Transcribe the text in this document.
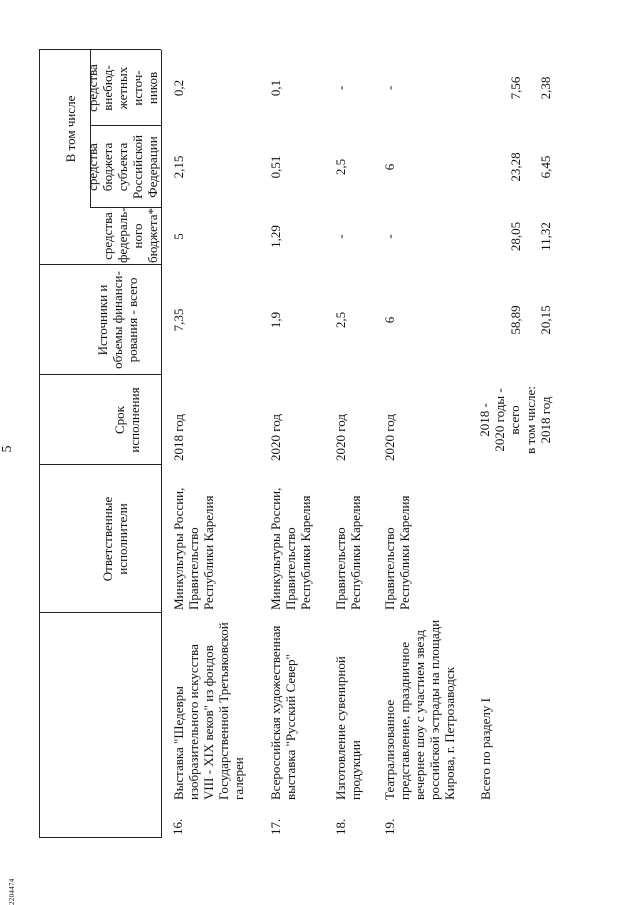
5
2204474
Ответственные
исполнители
Срок
исполнения
Источники и
объемы финанси-
рования - всего
В том числе
средства
федераль-
ного
бюджета*
средства
бюджета
субъекта
Российской
Федерации
средства
внебюд-
жетных
источ-
ников
16.
Выставка "Шедевры
изобразительного искусства
VIII - XIX веков" из фондов
Государственной Третьяковской
галереи
Минкультуры России,
Правительство
Республики Карелия
2018 год
7,35
5
2,15
0,2
17.
Минкультуры России,
Правительство
Республики Карелия
2020 год
1,9
1,29
0,51
0,1
18.
Правительство
Республики Карелия
2020 год
2,5
-
2,5
-
19.
Правительство
Республики Карелия
2020 год
6
-
6
-
Всего по разделу I
2018 -
2020 годы -
всего
58,89
28,05
23,28
7,56
в том числе:
2018 год
20,15
11,32
6,45
2,38
Всероссийская художественная
выставка "Русский Север"
Изготовление сувенирной
продукции Театрализованное
представление, праздничное
вечернее шоу с участием звезд
российской эстрады на площади
Кирова, г. Петрозаводск
